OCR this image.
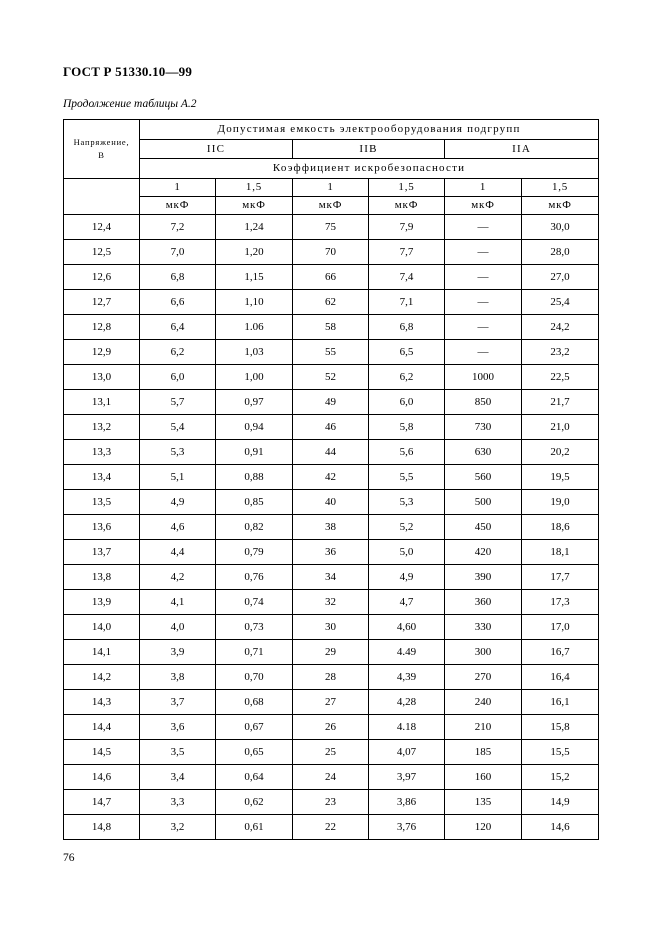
ГОСТ Р 51330.10—99
Продолжение таблицы А.2
Напряжение, В	Допустимая емкость электрооборудования подгрупп					
	IIC		IIB		IIA	
	Коэффициент искробезопасности					
	1	1,5	1	1,5	1	1,5
	мкФ	мкФ	мкФ	мкФ	мкФ	мкФ
12,4	7,2	1,24	75	7,9	—	30,0
12,5	7,0	1,20	70	7,7	—	28,0
12,6	6,8	1,15	66	7,4	—	27,0
12,7	6,6	1,10	62	7,1	—	25,4
12,8	6,4	1.06	58	6,8	—	24,2
12,9	6,2	1,03	55	6,5	—	23,2
13,0	6,0	1,00	52	6,2	1000	22,5
13,1	5,7	0,97	49	6,0	850	21,7
13,2	5,4	0,94	46	5,8	730	21,0
13,3	5,3	0,91	44	5,6	630	20,2
13,4	5,1	0,88	42	5,5	560	19,5
13,5	4,9	0,85	40	5,3	500	19,0
13,6	4,6	0,82	38	5,2	450	18,6
13,7	4,4	0,79	36	5,0	420	18,1
13,8	4,2	0,76	34	4,9	390	17,7
13,9	4,1	0,74	32	4,7	360	17,3
14,0	4,0	0,73	30	4,60	330	17,0
14,1	3,9	0,71	29	4.49	300	16,7
14,2	3,8	0,70	28	4,39	270	16,4
14,3	3,7	0,68	27	4,28	240	16,1
14,4	3,6	0,67	26	4.18	210	15,8
14,5	3,5	0,65	25	4,07	185	15,5
14,6	3,4	0,64	24	3,97	160	15,2
14,7	3,3	0,62	23	3,86	135	14,9
14,8	3,2	0,61	22	3,76	120	14,6
76
